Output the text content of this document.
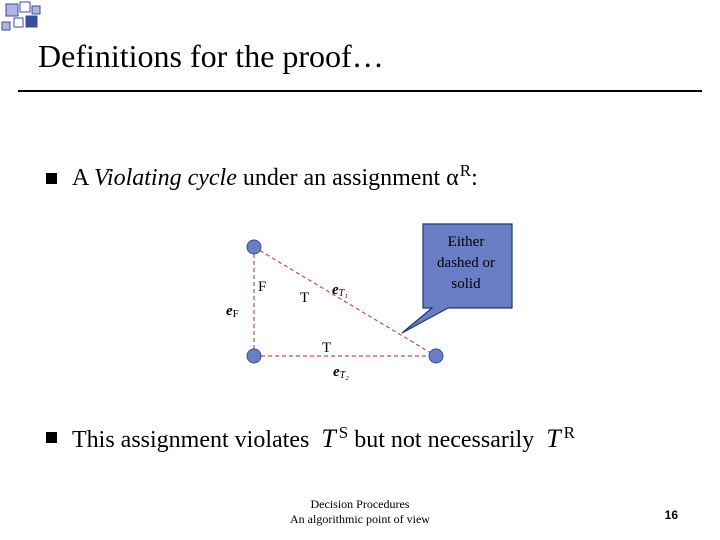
Definitions for the proof…
A Violating cycle under an assignment $\alpha^R$:
F
T
T
eF
eT₁
eT₂
Either
dashed or
solid
This assignment violates T $^S$ but not necessarily T $^R$
Decision Procedures
An algorithmic point of view	16
